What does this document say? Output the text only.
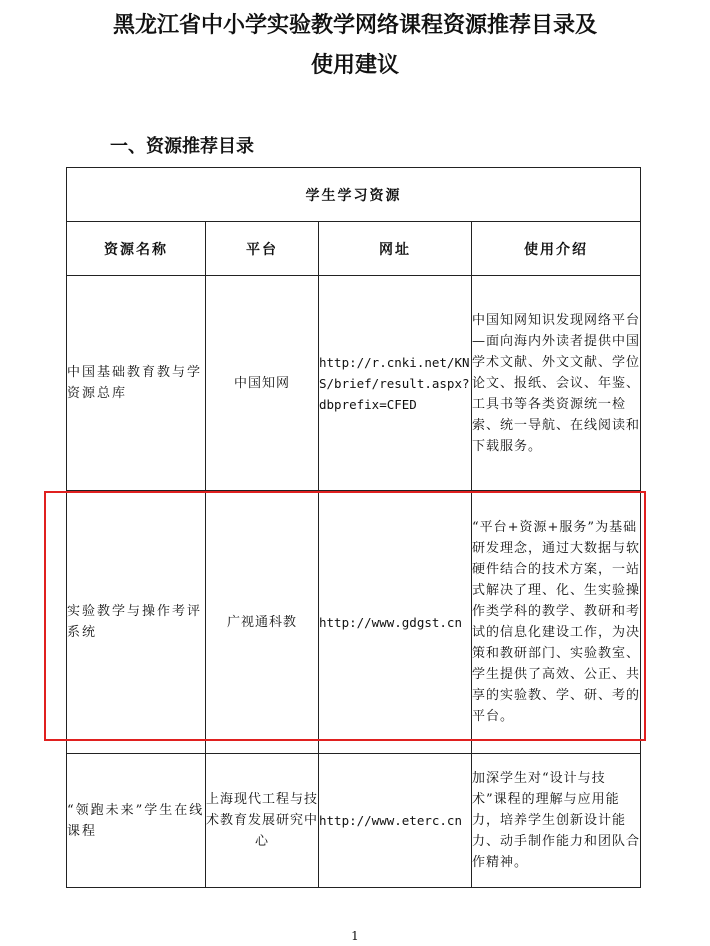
黑龙江省中小学实验教学网络课程资源推荐目录及
使用建议
一、资源推荐目录
学生学习资源			
资源名称	平台	网址	使用介绍
中国基础教育教与学资源总库	中国知网	http://r.cnki.net/KNS/brief/result.aspx?dbprefix=CFED	中国知网知识发现网络平台—面向海内外读者提供中国学术文献、外文文献、学位论文、报纸、会议、年鉴、工具书等各类资源统一检索、统一导航、在线阅读和下载服务。
实验教学与操作考评系统	广视通科教	http://www.gdgst.cn	“平台+资源+服务”为基础研发理念，通过大数据与软硬件结合的技术方案，一站式解决了理、化、生实验操作类学科的教学、教研和考试的信息化建设工作，为决策和教研部门、实验教室、学生提供了高效、公正、共享的实验教、学、研、考的平台。
“领跑未来”学生在线课程	上海现代工程与技术教育发展研究中心	http://www.eterc.cn	加深学生对“设计与技术”课程的理解与应用能力，培养学生创新设计能力、动手制作能力和团队合作精神。

1
